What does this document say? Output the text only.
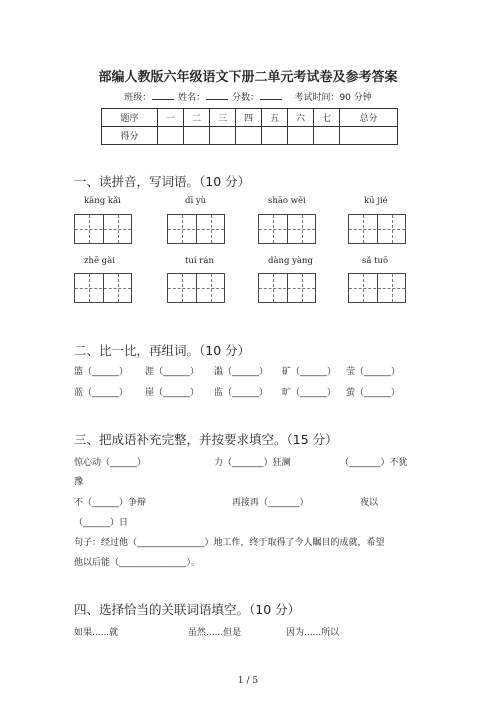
部编人教版六年级语文下册二单元考试卷及参考答案
班级：	姓名：	分数：	考试时间：90 分钟
题序	一	二	三	四	五	六	七	总分
得分								
一、读拼音，写词语。（10 分）
kāng kǎi	dī yù	shāo wēi	kū jié
zhē gài	tuí rán	dàng yàng	sǎ tuō
二、比一比，再组词。（10 分）
篮（______） 涯（______） 滥（______） 矿（______） 莹（______）
蓝（______） 崖（______） 监（______） 旷（______） 萤（______）
三、把成语补充完整，并按要求填空。（15 分）
惊心动（______）	力（_______）狂澜	（_______）不犹
豫
不（______）争辩	再接再（_______）	夜以
（______）日
句子：经过他（_______________）地工作，终于取得了令人瞩目的成就，希望
他以后能（_______________）。
四、选择恰当的关联词语填空。（10 分）
如果......就	虽然......但是	因为......所以
1 / 5
